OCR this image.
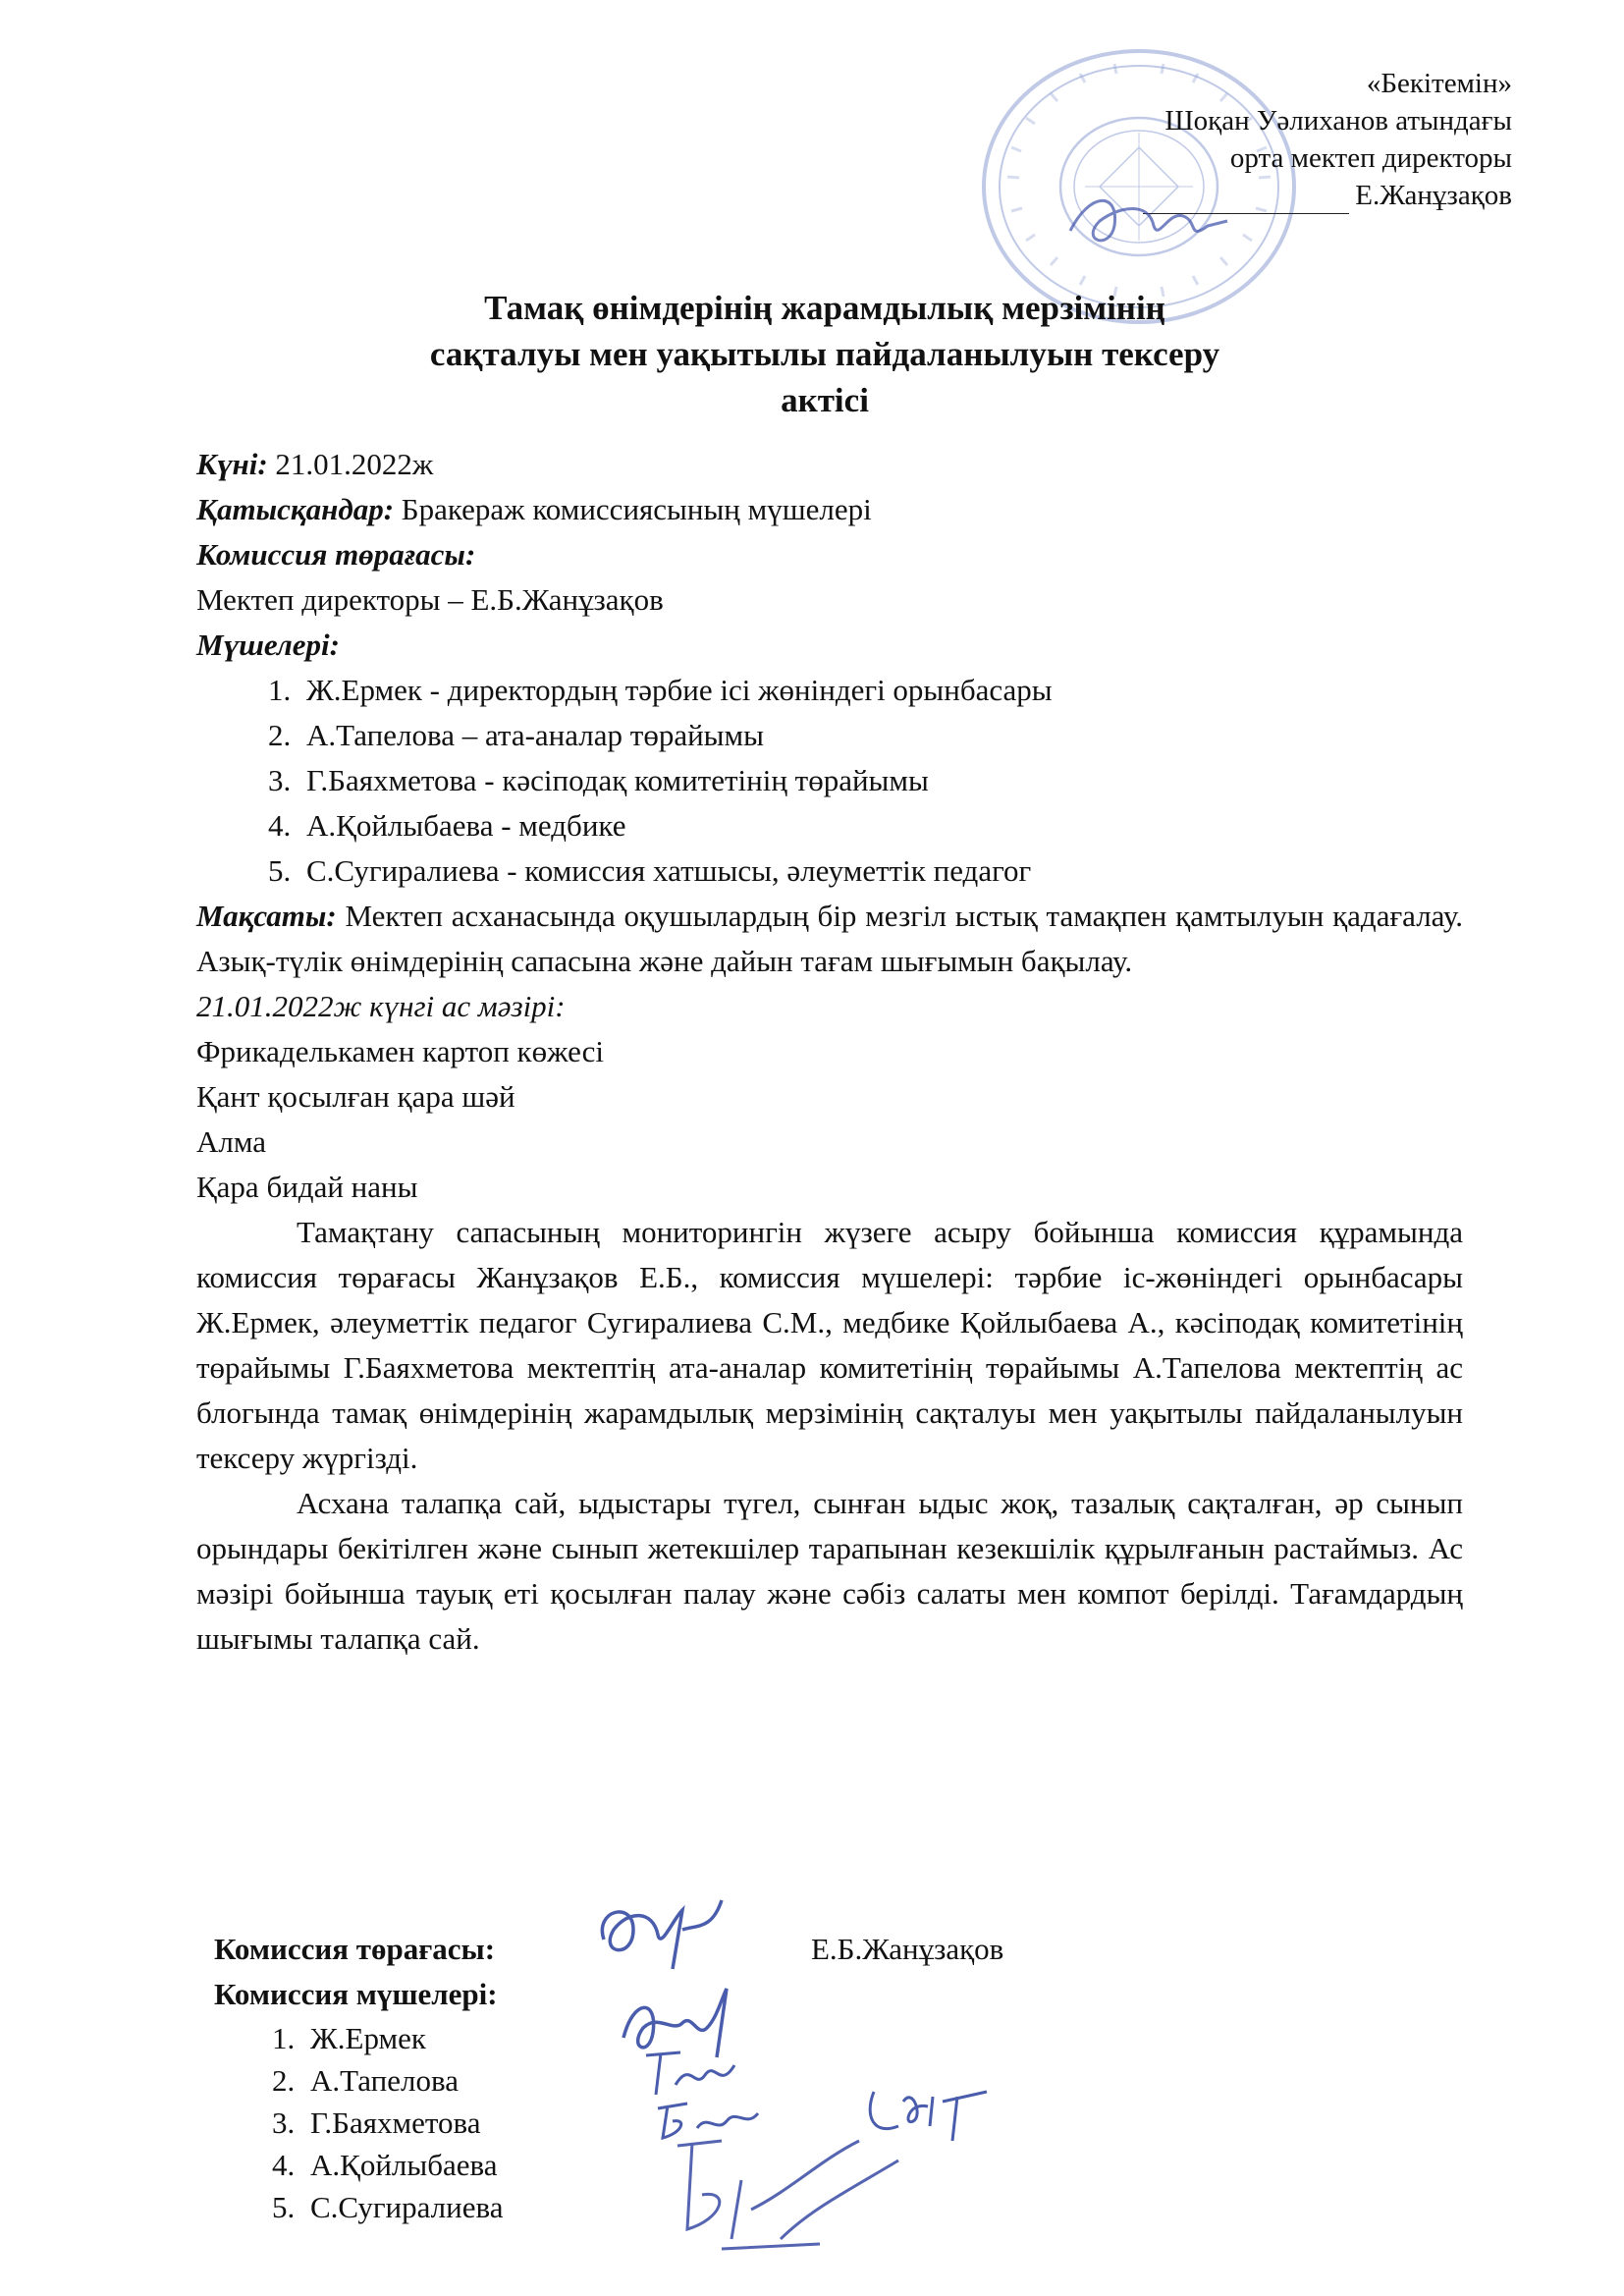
«Бекітемін»
Шоқан Уәлиханов атындағы
орта мектеп директоры
Е.Жанұзақов
Тамақ өнімдерінің жарамдылық мерзімінің
сақталуы мен уақытылы пайдаланылуын тексеру
актісі
Күні: 21.01.2022ж
Қатысқандар: Бракераж комиссиясының мүшелері
Комиссия төрағасы:
Мектеп директоры – Е.Б.Жанұзақов
Мүшелері:
1. Ж.Ермек - директордың тәрбие ісі жөніндегі орынбасары
2. А.Тапелова – ата-аналар төрайымы
3. Г.Баяхметова - кәсіподақ комитетінің төрайымы
4. А.Қойлыбаева - медбике
5. С.Сугиралиева - комиссия хатшысы, әлеуметтік педагог
Мақсаты: Мектеп асханасында оқушылардың бір мезгіл ыстық тамақпен қамтылуын қадағалау. Азық-түлік өнімдерінің сапасына және дайын тағам шығымын бақылау.
21.01.2022ж күнгі ас мәзірі:
Фрикаделькамен картоп көжесі
Қант қосылған қара шәй
Алма
Қара бидай наны
Тамақтану сапасының мониторингін жүзеге асыру бойынша комиссия құрамында комиссия төрағасы Жанұзақов Е.Б., комиссия мүшелері: тәрбие іс-жөніндегі орынбасары Ж.Ермек, әлеуметтік педагог Сугиралиева С.М., медбике Қойлыбаева А., кәсіподақ комитетінің төрайымы Г.Баяхметова мектептің ата-аналар комитетінің төрайымы А.Тапелова мектептің ас блогында тамақ өнімдерінің жарамдылық мерзімінің сақталуы мен уақытылы пайдаланылуын тексеру жүргізді.
Асхана талапқа сай, ыдыстары түгел, сынған ыдыс жоқ, тазалық сақталған, әр сынып орындары бекітілген және сынып жетекшілер тарапынан кезекшілік құрылғанын растаймыз. Ас мәзірі бойынша тауық еті қосылған палау және сәбіз салаты мен компот берілді. Тағамдардың шығымы талапқа сай.
Комиссия төрағасы:	Е.Б.Жанұзақов
Комиссия мүшелері:
1. Ж.Ермек
2. А.Тапелова
3. Г.Баяхметова
4. А.Қойлыбаева
5. С.Сугиралиева
